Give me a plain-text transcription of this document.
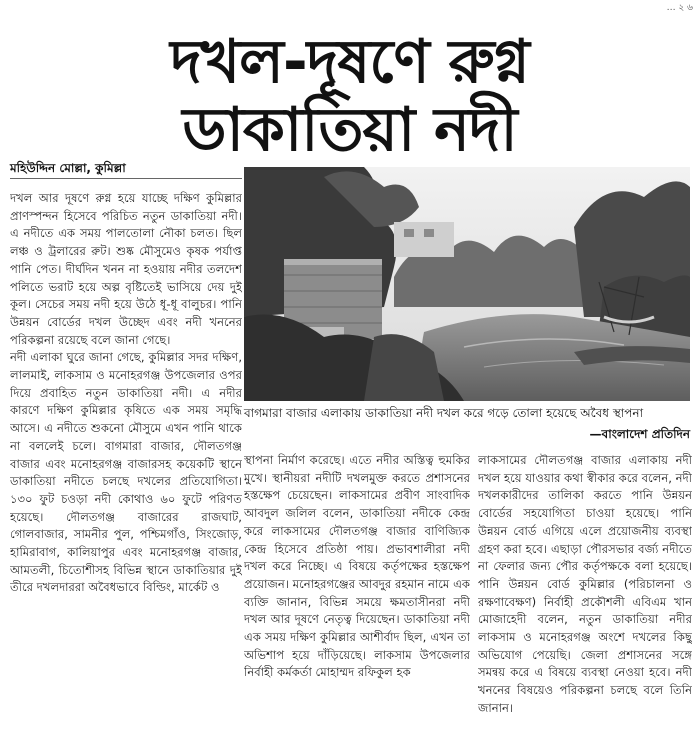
… ২ ৬
দখল-দূষণে রুগ্ন
ডাকাতিয়া নদী
মহিউদ্দিন মোল্লা, কুমিল্লা

দখল আর দূষণে রুগ্ন হয়ে যাচ্ছে দক্ষিণ কুমিল্লার প্রাণস্পন্দন হিসেবে পরিচিত নতুন ডাকাতিয়া নদী। এ নদীতে এক সময় পালতোলা নৌকা চলত। ছিল লঞ্চ ও ট্রলারের রুট। শুষ্ক মৌসুমেও কৃষক পর্যাপ্ত পানি পেত। দীর্ঘদিন খনন না হওয়ায় নদীর তলদেশ পলিতে ভরাট হয়ে অল্প বৃষ্টিতেই ভাসিয়ে দেয় দুই কূল। সেচের সময় নদী হয়ে উঠে ধূ-ধূ বালুচর। পানি উন্নয়ন বোর্ডের দখল উচ্ছেদ এবং নদী খননের পরিকল্পনা রয়েছে বলে জানা গেছে।

নদী এলাকা ঘুরে জানা গেছে, কুমিল্লার সদর দক্ষিণ, লালমাই, লাকসাম ও মনোহরগঞ্জ উপজেলার ওপর দিয়ে প্রবাহিত নতুন ডাকাতিয়া নদী। এ নদীর কারণে দক্ষিণ কুমিল্লার কৃষিতে এক সময় সমৃদ্ধি আসে। এ নদীতে শুকনো মৌসুমে এখন পানি থাকে না বললেই চলে। বাগমারা বাজার, দৌলতগঞ্জ বাজার এবং মনোহরগঞ্জ বাজারসহ কয়েকটি স্থানে ডাকাতিয়া নদীতে চলছে দখলের প্রতিযোগিতা। ১৩০ ফুট চওড়া নদী কোথাও ৬০ ফুটে পরিণত হয়েছে। দৌলতগঞ্জ বাজারের রাজঘাট, গোলবাজার, সামনীর পুল, পশ্চিমগাঁও, সিংজোড়, হামিরাবাগ, কালিয়াপুর এবং মনোহরগঞ্জ বাজার, আমতলী, চিতোশীসহ বিভিন্ন স্থানে ডাকাতিয়ার দুই তীরে দখলদাররা অবৈধভাবে বিল্ডিং, মার্কেট ও

বাগমারা বাজার এলাকায় ডাকাতিয়া নদী দখল করে গড়ে তোলা হয়েছে অবৈধ স্থাপনা
—বাংলাদেশ প্রতিদিন

স্থাপনা নির্মাণ করেছে। এতে নদীর অস্তিত্ব হুমকির মুখে। স্থানীয়রা নদীটি দখলমুক্ত করতে প্রশাসনের হস্তক্ষেপ চেয়েছেন। লাকসামের প্রবীণ সাংবাদিক আবদুল জলিল বলেন, ডাকাতিয়া নদীকে কেন্দ্র করে লাকসামের দৌলতগঞ্জ বাজার বাণিজ্যিক কেন্দ্র হিসেবে প্রতিষ্ঠা পায়। প্রভাবশালীরা নদী দখল করে নিচ্ছে। এ বিষয়ে কর্তৃপক্ষের হস্তক্ষেপ প্রয়োজন। মনোহরগঞ্জের আবদুর রহমান নামে এক ব্যক্তি জানান, বিভিন্ন সময়ে ক্ষমতাসীনরা নদী দখল আর দূষণে নেতৃত্ব দিয়েছেন। ডাকাতিয়া নদী এক সময় দক্ষিণ কুমিল্লার আশীর্বাদ ছিল, এখন তা অভিশাপ হয়ে দাঁড়িয়েছে। লাকসাম উপজেলার নির্বাহী কর্মকর্তা মোহাম্মদ রফিকুল হক

লাকসামের দৌলতগঞ্জ বাজার এলাকায় নদী দখল হয়ে যাওয়ার কথা স্বীকার করে বলেন, নদী দখলকারীদের তালিকা করতে পানি উন্নয়ন বোর্ডের সহযোগিতা চাওয়া হয়েছে। পানি উন্নয়ন বোর্ড এগিয়ে এলে প্রয়োজনীয় ব্যবস্থা গ্রহণ করা হবে। এছাড়া পৌরসভার বর্জ্য নদীতে না ফেলার জন্য পৌর কর্তৃপক্ষকে বলা হয়েছে। পানি উন্নয়ন বোর্ড কুমিল্লার (পরিচালনা ও রক্ষণাবেক্ষণ) নির্বাহী প্রকৌশলী এবিএম খান মোজাহেদী বলেন, নতুন ডাকাতিয়া নদীর লাকসাম ও মনোহরগঞ্জ অংশে দখলের কিছু অভিযোগ পেয়েছি। জেলা প্রশাসনের সঙ্গে সমন্বয় করে এ বিষয়ে ব্যবস্থা নেওয়া হবে। নদী খননের বিষয়েও পরিকল্পনা চলছে বলে তিনি জানান।
